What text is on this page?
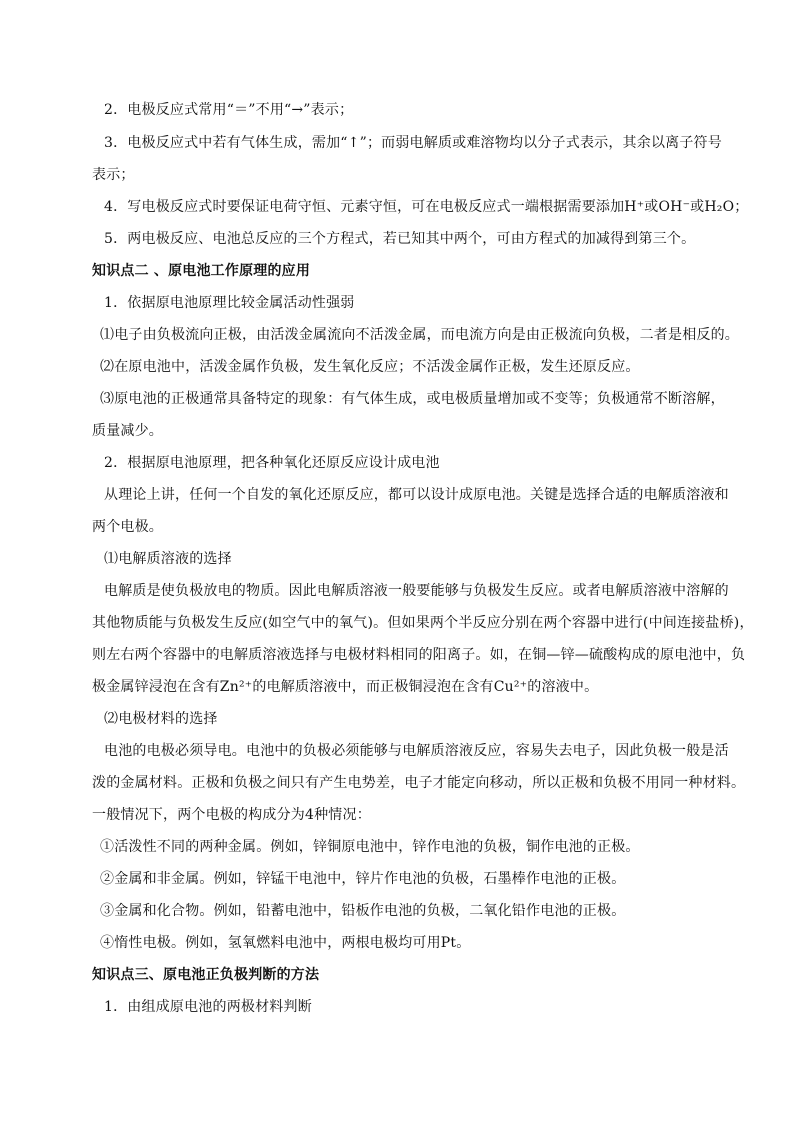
2．电极反应式常用“＝”不用“→”表示；
3．电极反应式中若有气体生成，需加“↑”；而弱电解质或难溶物均以分子式表示，其余以离子符号
表示；
4．写电极反应式时要保证电荷守恒、元素守恒，可在电极反应式一端根据需要添加H⁺或OH⁻或H₂O；
5．两电极反应、电池总反应的三个方程式，若已知其中两个，可由方程式的加减得到第三个。
知识点二 、原电池工作原理的应用
1．依据原电池原理比较金属活动性强弱
⑴电子由负极流向正极，由活泼金属流向不活泼金属，而电流方向是由正极流向负极，二者是相反的。
⑵在原电池中，活泼金属作负极，发生氧化反应；不活泼金属作正极，发生还原反应。
⑶原电池的正极通常具备特定的现象：有气体生成，或电极质量增加或不变等；负极通常不断溶解，
质量减少。
2．根据原电池原理，把各种氧化还原反应设计成电池
从理论上讲，任何一个自发的氧化还原反应，都可以设计成原电池。关键是选择合适的电解质溶液和
两个电极。
⑴电解质溶液的选择
电解质是使负极放电的物质。因此电解质溶液一般要能够与负极发生反应。或者电解质溶液中溶解的
其他物质能与负极发生反应(如空气中的氧气)。但如果两个半反应分别在两个容器中进行(中间连接盐桥)，
则左右两个容器中的电解质溶液选择与电极材料相同的阳离子。如，在铜—锌—硫酸构成的原电池中，负
极金属锌浸泡在含有Zn²⁺的电解质溶液中，而正极铜浸泡在含有Cu²⁺的溶液中。
⑵电极材料的选择
电池的电极必须导电。电池中的负极必须能够与电解质溶液反应，容易失去电子，因此负极一般是活
泼的金属材料。正极和负极之间只有产生电势差，电子才能定向移动，所以正极和负极不用同一种材料。
一般情况下，两个电极的构成分为4种情况：
①活泼性不同的两种金属。例如，锌铜原电池中，锌作电池的负极，铜作电池的正极。
②金属和非金属。例如，锌锰干电池中，锌片作电池的负极，石墨棒作电池的正极。
③金属和化合物。例如，铅蓄电池中，铅板作电池的负极，二氧化铅作电池的正极。
④惰性电极。例如，氢氧燃料电池中，两根电极均可用Pt。
知识点三、原电池正负极判断的方法
1．由组成原电池的两极材料判断
